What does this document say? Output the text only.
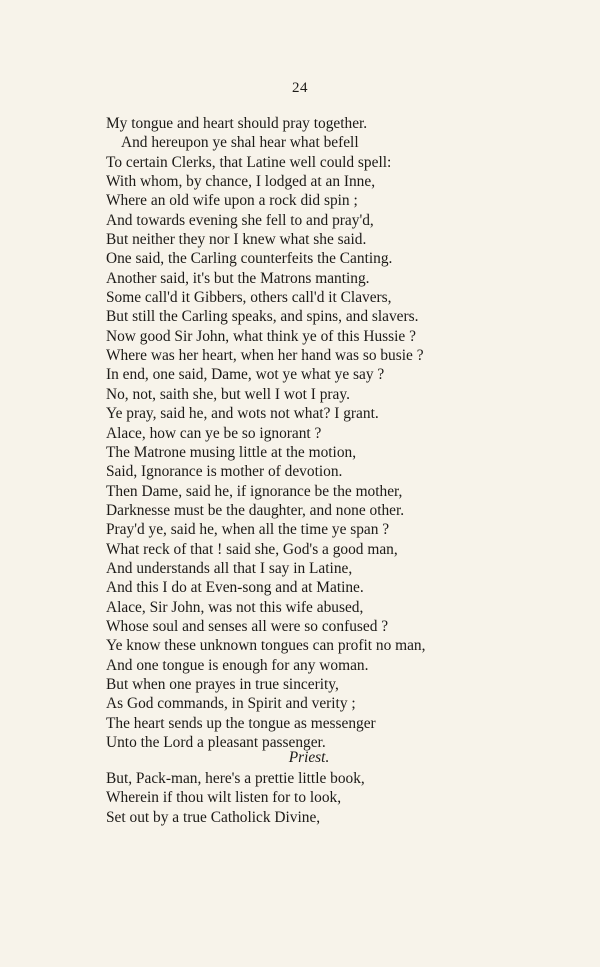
24
My tongue and heart should pray together.
And hereupon ye shal hear what befell
To certain Clerks, that Latine well could spell:
With whom, by chance, I lodged at an Inne,
Where an old wife upon a rock did spin ;
And towards evening she fell to and pray'd,
But neither they nor I knew what she said.
One said, the Carling counterfeits the Canting.
Another said, it's but the Matrons manting.
Some call'd it Gibbers, others call'd it Clavers,
But still the Carling speaks, and spins, and slavers.
Now good Sir John, what think ye of this Hussie ?
Where was her heart, when her hand was so busie ?
In end, one said, Dame, wot ye what ye say ?
No, not, saith she, but well I wot I pray.
Ye pray, said he, and wots not what? I grant.
Alace, how can ye be so ignorant ?
The Matrone musing little at the motion,
Said, Ignorance is mother of devotion.
Then Dame, said he, if ignorance be the mother,
Darknesse must be the daughter, and none other.
Pray'd ye, said he, when all the time ye span ?
What reck of that ! said she, God's a good man,
And understands all that I say in Latine,
And this I do at Even-song and at Matine.
Alace, Sir John, was not this wife abused,
Whose soul and senses all were so confused ?
Ye know these unknown tongues can profit no man,
And one tongue is enough for any woman.
But when one prayes in true sincerity,
As God commands, in Spirit and verity ;
The heart sends up the tongue as messenger
Unto the Lord a pleasant passenger.
Priest.
But, Pack-man, here's a prettie little book,
Wherein if thou wilt listen for to look,
Set out by a true Catholick Divine,
